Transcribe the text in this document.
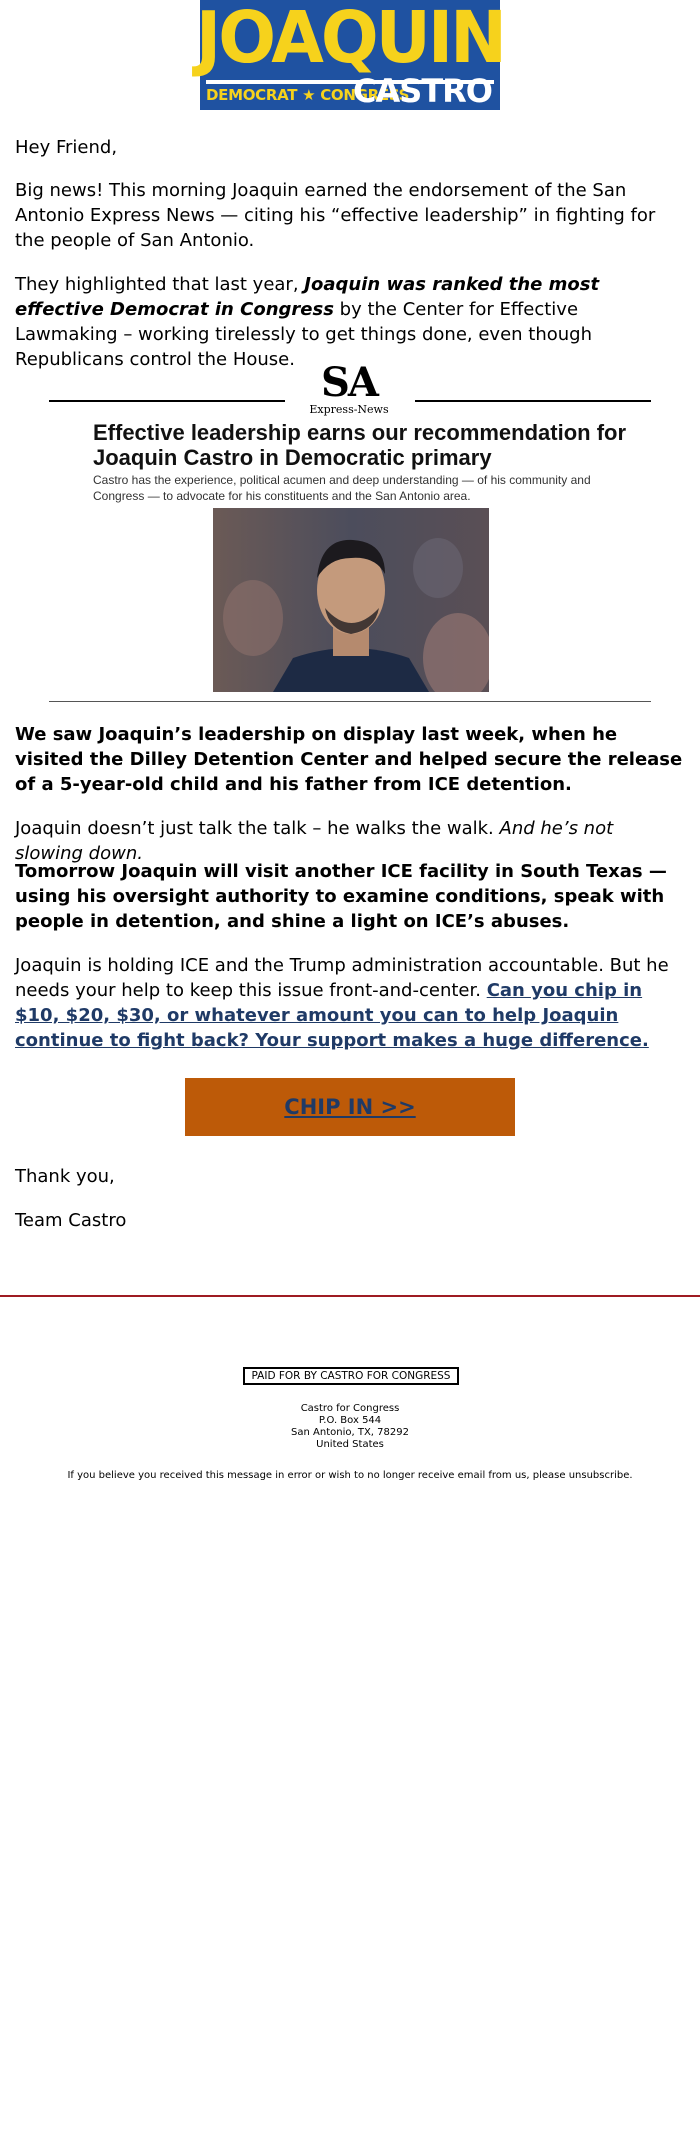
JOAQUIN
DEMOCRAT ★ CONGRESS
CASTRO

Hey Friend,

Big news! This morning Joaquin earned the endorsement of the San Antonio Express News — citing his “effective leadership” in fighting for the people of San Antonio.

They highlighted that last year, Joaquin was ranked the most effective Democrat in Congress by the Center for Effective Lawmaking – working tirelessly to get things done, even though Republicans control the House. SA
Express-News
Effective leadership earns our recommendation for Joaquin Castro in Democratic primary
Castro has the experience, political acumen and deep understanding — of his community and Congress — to advocate for his constituents and the San Antonio area.

We saw Joaquin’s leadership on display last week, when he visited the Dilley Detention Center and helped secure the release of a 5-year-old child and his father from ICE detention.

Joaquin doesn’t just talk the talk – he walks the walk. And he’s not slowing down.

Tomorrow Joaquin will visit another ICE facility in South Texas — using his oversight authority to examine conditions, speak with people in detention, and shine a light on ICE’s abuses.

Joaquin is holding ICE and the Trump administration accountable. But he needs your help to keep this issue front-and-center. Can you chip in $10, $20, $30, or whatever amount you can to help Joaquin continue to fight back? Your support makes a huge difference.

CHIP IN >>

Thank you,

Team Castro

PAID FOR BY CASTRO FOR CONGRESS
Castro for Congress
P.O. Box 544
San Antonio, TX, 78292
United States
If you believe you received this message in error or wish to no longer receive email from us, please unsubscribe.
